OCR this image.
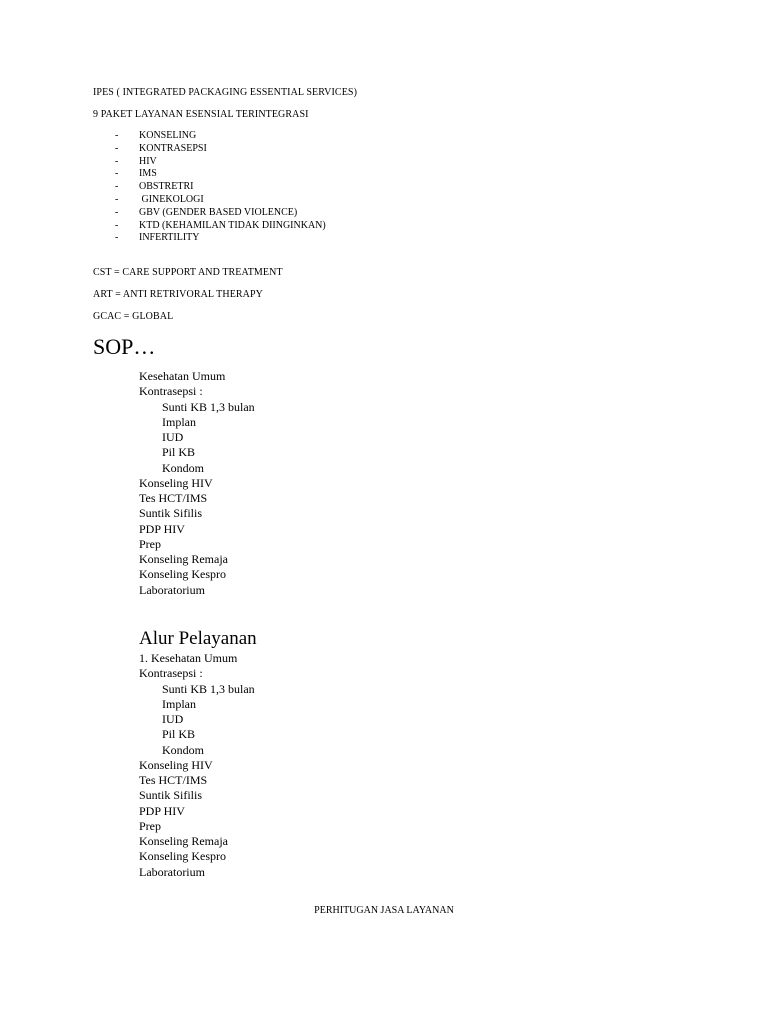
IPES ( INTEGRATED PACKAGING ESSENTIAL SERVICES)
9 PAKET LAYANAN ESENSIAL TERINTEGRASI
-	KONSELING
-	KONTRASEPSI
-	HIV
-	IMS
-	OBSTRETRI
-	GINEKOLOGI
-	GBV (GENDER BASED VIOLENCE)
-	KTD (KEHAMILAN TIDAK DIINGINKAN)
-	INFERTILITY
CST = CARE SUPPORT AND TREATMENT
ART = ANTI RETRIVORAL THERAPY
GCAC = GLOBAL
SOP…
Kesehatan Umum
Kontrasepsi :
Sunti KB 1,3 bulan
Implan
IUD
Pil KB
Kondom
Konseling HIV
Tes HCT/IMS
Suntik Sifilis
PDP HIV
Prep
Konseling Remaja
Konseling Kespro
Laboratorium
Alur Pelayanan
1. Kesehatan Umum
Kontrasepsi :
Sunti KB 1,3 bulan
Implan
IUD
Pil KB
Kondom
Konseling HIV
Tes HCT/IMS
Suntik Sifilis
PDP HIV
Prep
Konseling Remaja
Konseling Kespro
Laboratorium
PERHITUGAN JASA LAYANAN
